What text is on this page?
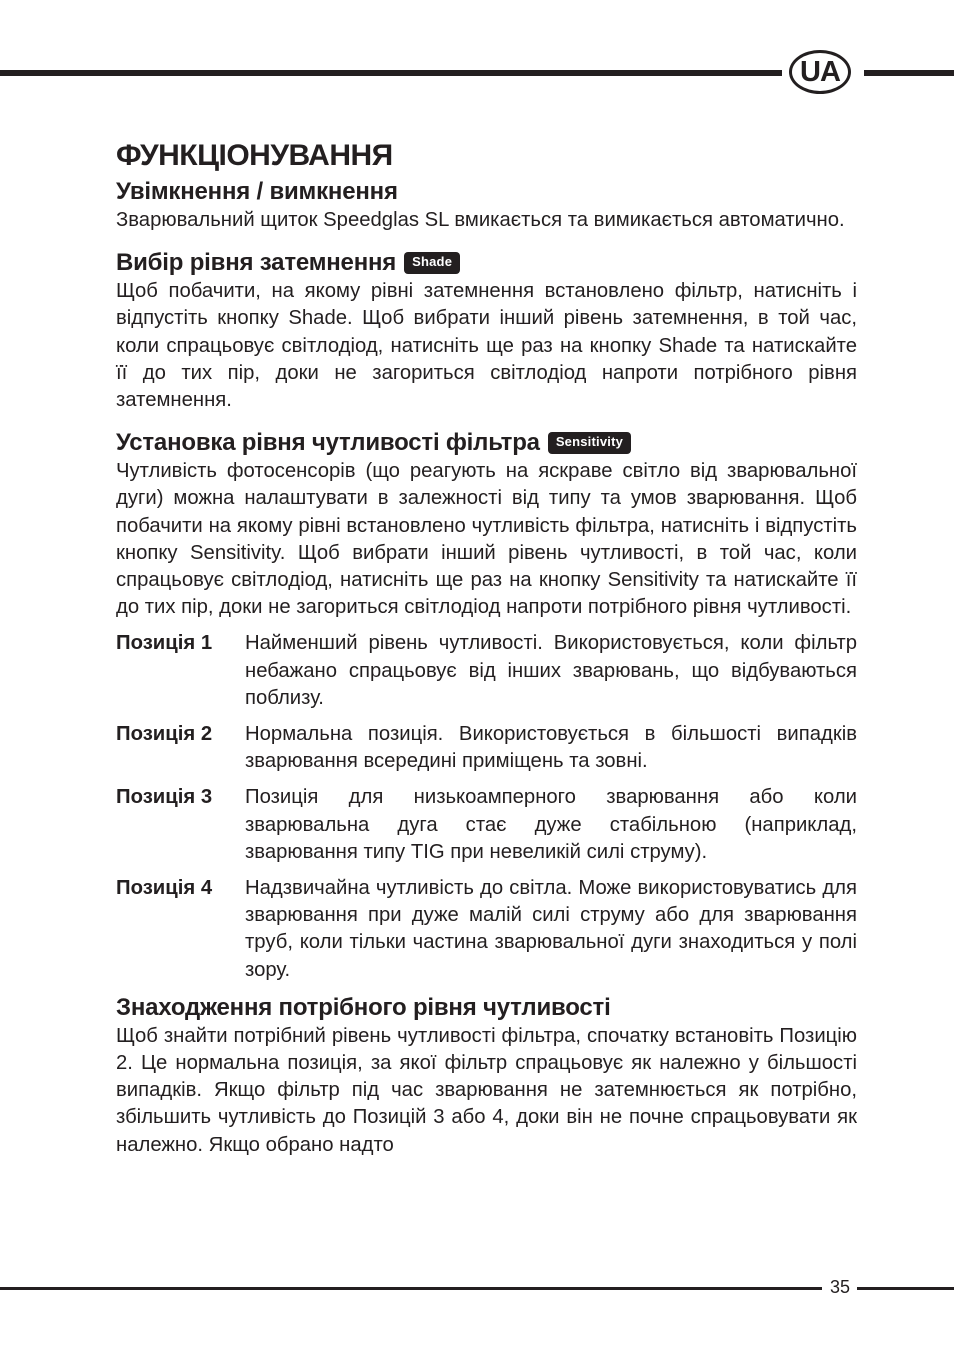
UA
ФУНКЦІОНУВАННЯ
Увімкнення / вимкнення

Зварювальний щиток Speedglas SL вмикається та вимикається автоматично.

Вибір рівня затемнення Shade

Щоб побачити, на якому рівні затемнення встановлено фільтр, натисніть і відпустіть кнопку Shade. Щоб вибрати інший рівень затемнення, в той час, коли спрацьовує світлодіод, натисніть ще раз на кнопку Shade та натискайте її до тих пір, доки не загориться світлодіод напроти потрібного рівня затемнення.

Установка рівня чутливості фільтра Sensitivity

Чутливість фотосенсорів (що реагують на яскраве світло від зварювальної дуги) можна налаштувати в залежності від типу та умов зварювання. Щоб побачити на якому рівні встановлено чутливість фільтра, натисніть і відпустіть кнопку Sensitivity. Щоб вибрати інший рівень чутливості, в той час, коли спрацьовує світлодіод, натисніть ще раз на кнопку Sensitivity та натискайте її до тих пір, доки не загориться світлодіод напроти потрібного рівня чутливості.

Позиція 1	Найменший рівень чутливості. Використовується, коли фільтр небажано спрацьовує від інших зварювань, що відбуваються поблизу.
Позиція 2	Нормальна позиція. Використовується в більшості випадків зварювання всередині приміщень та зовні.
Позиція 3	Позиція для низькоамперного зварювання або коли зварювальна дуга стає дуже стабільною (наприклад, зварювання типу TIG при невеликій силі струму).
Позиція 4	Надзвичайна чутливість до світла. Може використовуватись для зварювання при дуже малій силі струму або для зварювання труб, коли тільки частина зварювальної дуги знаходиться у полі зору.
Знаходження потрібного рівня чутливості

Щоб знайти потрібний рівень чутливості фільтра, спочатку встановіть Позицію 2. Це нормальна позиція, за якої фільтр спрацьовує як належно у більшості випадків. Якщо фільтр під час зварювання не затемнюється як потрібно, збільшить чутливість до Позицій 3 або 4, доки він не почне спрацьовувати як належно. Якщо обрано надто

35
